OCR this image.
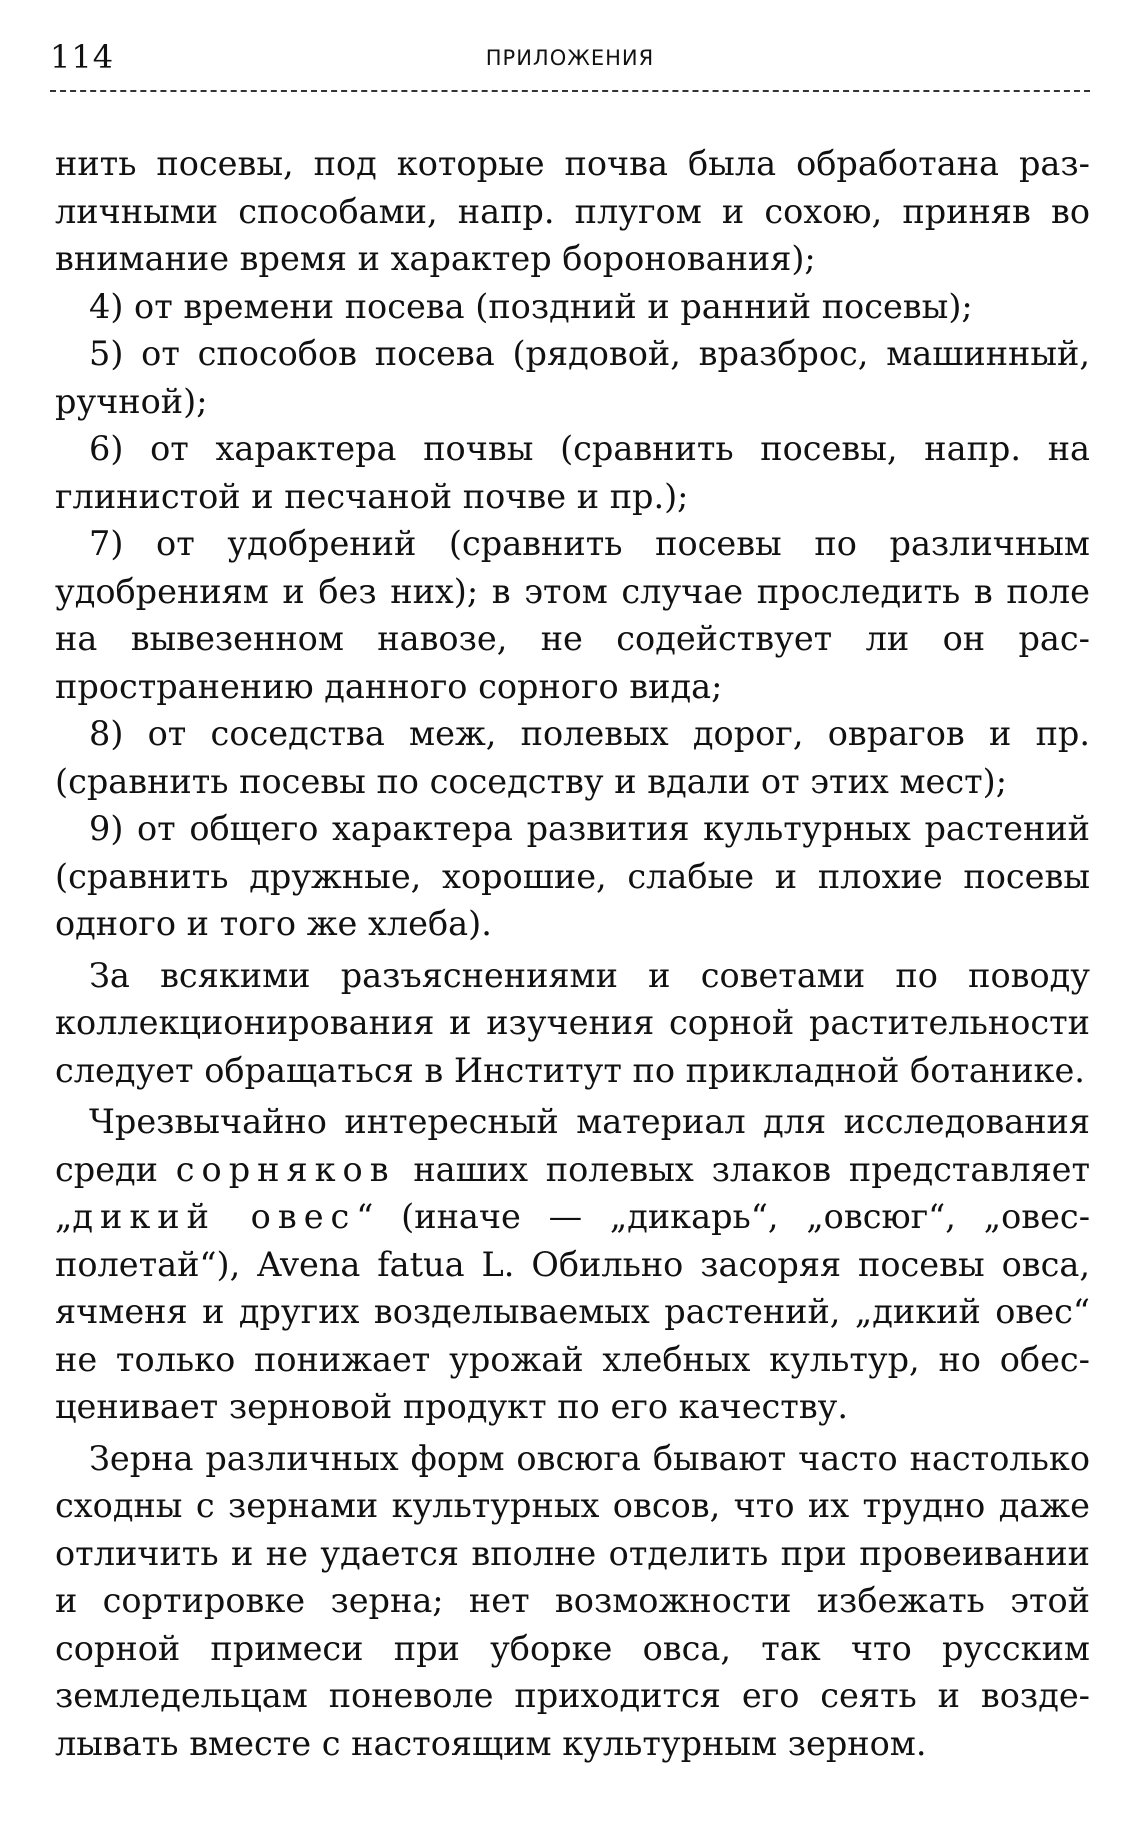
114	ПРИЛОЖЕНИЯ

нить посевы, под которые почва была обработана различными способами, напр. плугом и сохою, приняв во внимание время и характер боронования);

4) от времени посева (поздний и ранний посевы);

5) от способов посева (рядовой, вразброс, машинный, ручной);

6) от характера почвы (сравнить посевы, напр. на глинистой и песчаной почве и пр.);

7) от удобрений (сравнить посевы по различным удобрениям и без них); в этом случае проследить в поле на вывезенном навозе, не содействует ли он распространению данного сорного вида;

8) от соседства меж, полевых дорог, оврагов и пр. (сравнить посевы по соседству и вдали от этих мест);

9) от общего характера развития культурных растений (сравнить дружные, хорошие, слабые и плохие посевы одного и того же хлеба).

За всякими разъяснениями и советами по поводу коллекционирования и изучения сорной растительности следует обращаться в Институт по прикладной ботанике.

Чрезвычайно интересный материал для исследования среди сорняков наших полевых злаков представляет „дикий овес“ (иначе — „дикарь“, „овсюг“, „овесполетай“), Avena fatua L. Обильно засоряя посевы овса, ячменя и других возделываемых растений, „дикий овес“ не только понижает урожай хлебных культур, но обесценивает зерновой продукт по его качеству.

Зерна различных форм овсюга бывают часто настолько сходны с зернами культурных овсов, что их трудно даже отличить и не удается вполне отделить при провеивании и сортировке зерна; нет возможности избежать этой сорной примеси при уборке овса, так что русским земледельцам поневоле приходится его сеять и возделывать вместе с настоящим культурным зерном.
